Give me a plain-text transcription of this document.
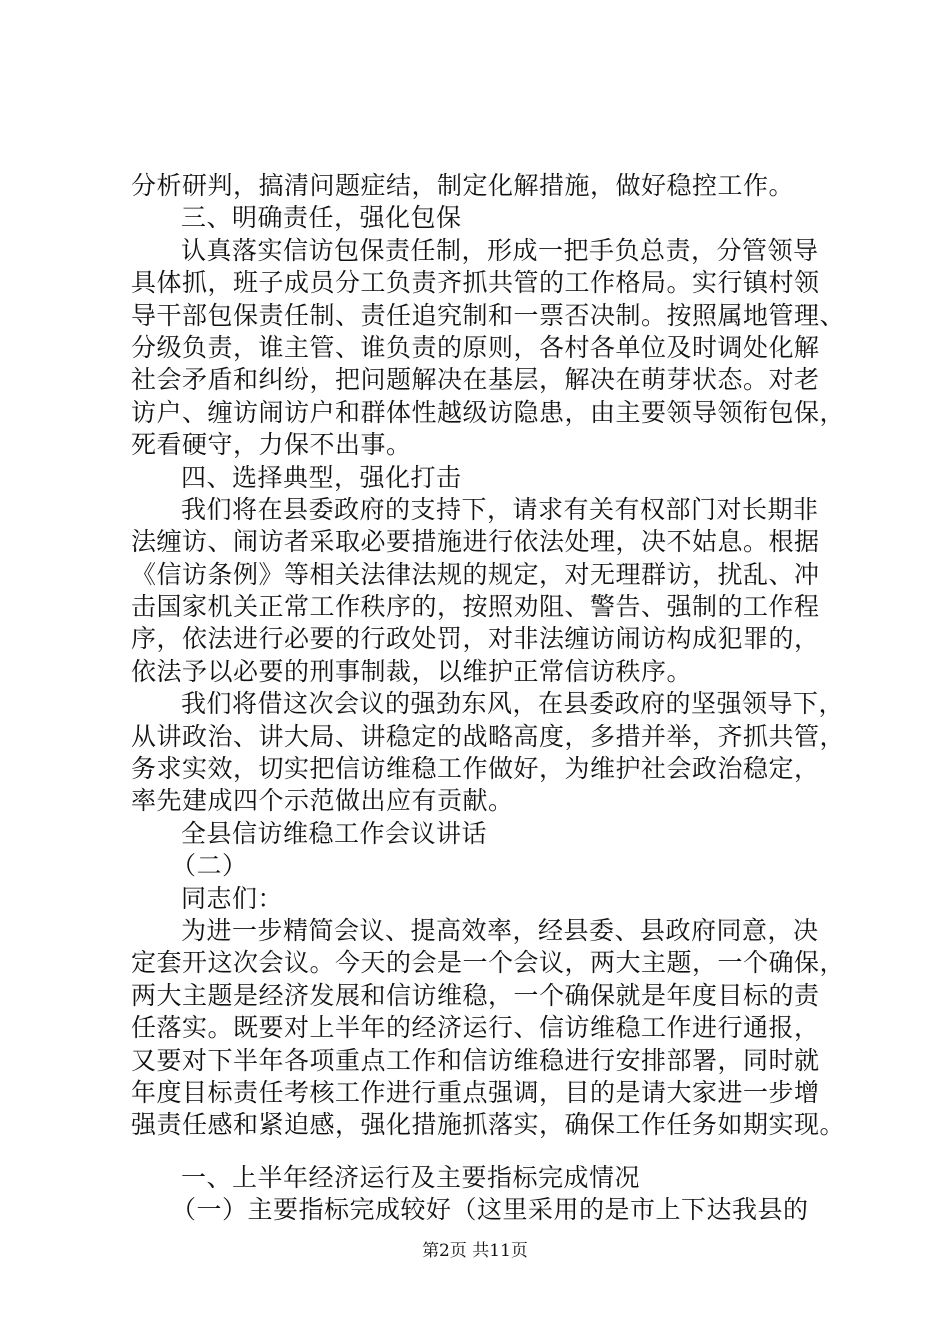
分析研判，搞清问题症结，制定化解措施，做好稳控工作。
三、明确责任，强化包保
认真落实信访包保责任制，形成一把手负总责，分管领导
具体抓，班子成员分工负责齐抓共管的工作格局。实行镇村领
导干部包保责任制、责任追究制和一票否决制。按照属地管理、
分级负责，谁主管、谁负责的原则，各村各单位及时调处化解
社会矛盾和纠纷，把问题解决在基层，解决在萌芽状态。对老
访户、缠访闹访户和群体性越级访隐患，由主要领导领衔包保，
死看硬守，力保不出事。
四、选择典型，强化打击
我们将在县委政府的支持下，请求有关有权部门对长期非
法缠访、闹访者采取必要措施进行依法处理，决不姑息。根据
《信访条例》等相关法律法规的规定，对无理群访，扰乱、冲
击国家机关正常工作秩序的，按照劝阻、警告、强制的工作程
序，依法进行必要的行政处罚，对非法缠访闹访构成犯罪的，
依法予以必要的刑事制裁，以维护正常信访秩序。
我们将借这次会议的强劲东风，在县委政府的坚强领导下，
从讲政治、讲大局、讲稳定的战略高度，多措并举，齐抓共管，
务求实效，切实把信访维稳工作做好，为维护社会政治稳定，
率先建成四个示范做出应有贡献。
全县信访维稳工作会议讲话
（二）
同志们：
为进一步精简会议、提高效率，经县委、县政府同意，决
定套开这次会议。今天的会是一个会议，两大主题，一个确保，
两大主题是经济发展和信访维稳，一个确保就是年度目标的责
任落实。既要对上半年的经济运行、信访维稳工作进行通报，
又要对下半年各项重点工作和信访维稳进行安排部署，同时就
年度目标责任考核工作进行重点强调，目的是请大家进一步增
强责任感和紧迫感，强化措施抓落实，确保工作任务如期实现。
一、上半年经济运行及主要指标完成情况
（一）主要指标完成较好（这里采用的是市上下达我县的
第2页 共11页
